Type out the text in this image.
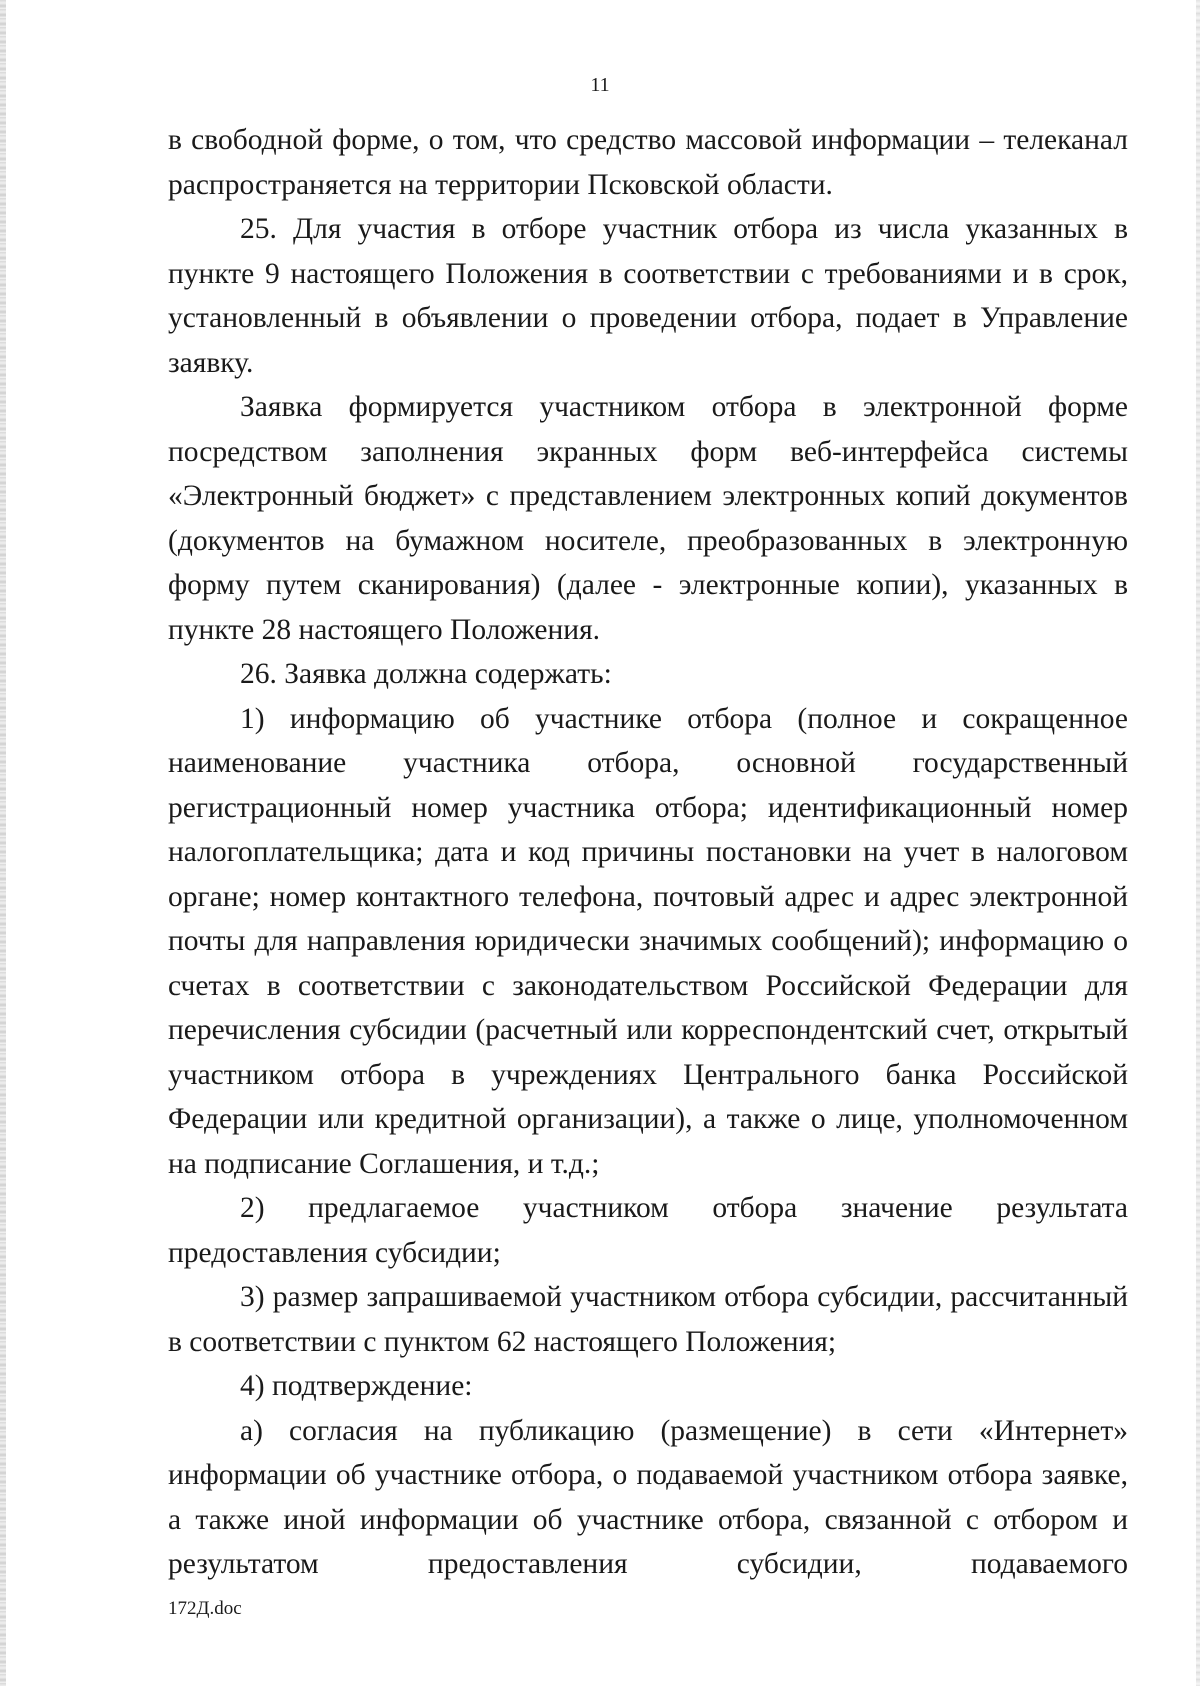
11

в свободной форме, о том, что средство массовой информации – телеканал распространяется на территории Псковской области.

25. Для участия в отборе участник отбора из числа указанных в пункте 9 настоящего Положения в соответствии с требованиями и в срок, установленный в объявлении о проведении отбора, подает в Управление заявку.

Заявка формируется участником отбора в электронной форме посредством заполнения экранных форм веб-интерфейса системы «Электронный бюджет» с представлением электронных копий документов (документов на бумажном носителе, преобразованных в электронную форму путем сканирования) (далее - электронные копии), указанных в пункте 28 настоящего Положения.

26. Заявка должна содержать:

1) информацию об участнике отбора (полное и сокращенное наименование участника отбора, основной государственный регистрационный номер участника отбора; идентификационный номер налогоплательщика; дата и код причины постановки на учет в налоговом органе; номер контактного телефона, почтовый адрес и адрес электронной почты для направления юридически значимых сообщений); информацию о счетах в соответствии с законодательством Российской Федерации для перечисления субсидии (расчетный или корреспондентский счет, открытый участником отбора в учреждениях Центрального банка Российской Федерации или кредитной организации), а также о лице, уполномоченном на подписание Соглашения, и т.д.;

2) предлагаемое участником отбора значение результата предоставления субсидии;

3) размер запрашиваемой участником отбора субсидии, рассчитанный в соответствии с пунктом 62 настоящего Положения;

4) подтверждение:

а) согласия на публикацию (размещение) в сети «Интернет» информации об участнике отбора, о подаваемой участником отбора заявке, а также иной информации об участнике отбора, связанной с отбором и результатом предоставления субсидии, подаваемого

172Д.doc
